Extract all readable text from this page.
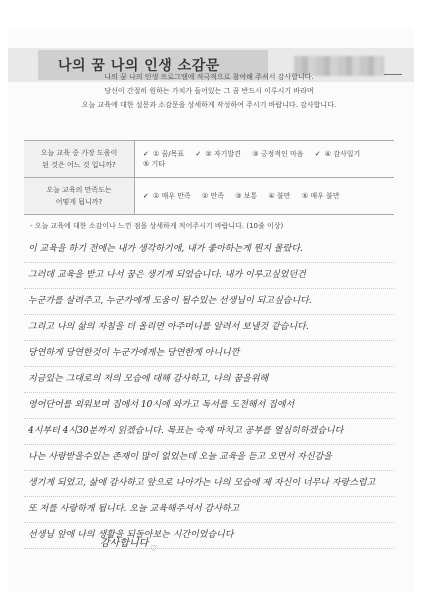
나의 꿈 나의 인생 소감문
나의 꿈 나의 인생 프로그램에 적극적으로 참여해 주셔서 감사합니다.
당신이 간절히 원하는 가치가 들어있는 그 꿈 반드시 이루시기 바라며
오늘 교육에 대한 설문과 소감문을 상세하게 작성하여 주시기 바랍니다. 감사합니다.
오늘 교육 중 가장 도움이
된 것은 어느 것 입니까?	✓ ① 꿈/목표 ✓ ② 자기발견 ③ 긍정적인 마음 ✓ ④ 감사일기 ⑤ 기타

오늘 교육의 만족도는
어떻게 됩니까?	✓ ① 매우 만족 ② 만족 ③ 보통 ④ 불만 ⑤ 매우 불만
- 오늘 교육에 대한 소감이나 느낀 점을 상세하게 적어주시기 바랍니다. (10줄 이상)
이 교육을 하기 전에는 내가 생각하기에, 내가 좋아하는게 뭔지 몰랐다.
그러데 교육을 받고 나서 꿈은 생기게 되었습니다. 내가 이루고싶었던건
누군가를 살려주고, 누군가에게 도움이 될수있는 선생님이 되고싶습니다.
그리고 나의 삶의 자침을 더 올리면 아주머니를 알려서 보낼것 같습니다.
당연하게 당연한것이 누군가에게는 당연한게 아니니깐
지금있는 그대로의 저의 모습에 대해 감사하고, 나의 꿈을위해
영어단어를 외워보며 집에서 10시에 와가고 독서를 도전해서 집에서
4시부터 4시30분까지 읽겠습니다. 목표는 숙제 마치고 공부를 열심히하겠습니다
나는 사랑받을수있는 존재이 많이 없었는데 오늘 교육을 듣고 오면서 자신감을
생기게 되었고, 삶에 감사하고 앞으로 나아가는 나의 모습에 제 자신이 너무나 자랑스럽고
또 저를 사랑하게 됩니다. 오늘 교육해주셔서 감사하고
선생님 앞에 나의 생활을 되돌아보는 시간이었습니다
감사합니다 ♡
